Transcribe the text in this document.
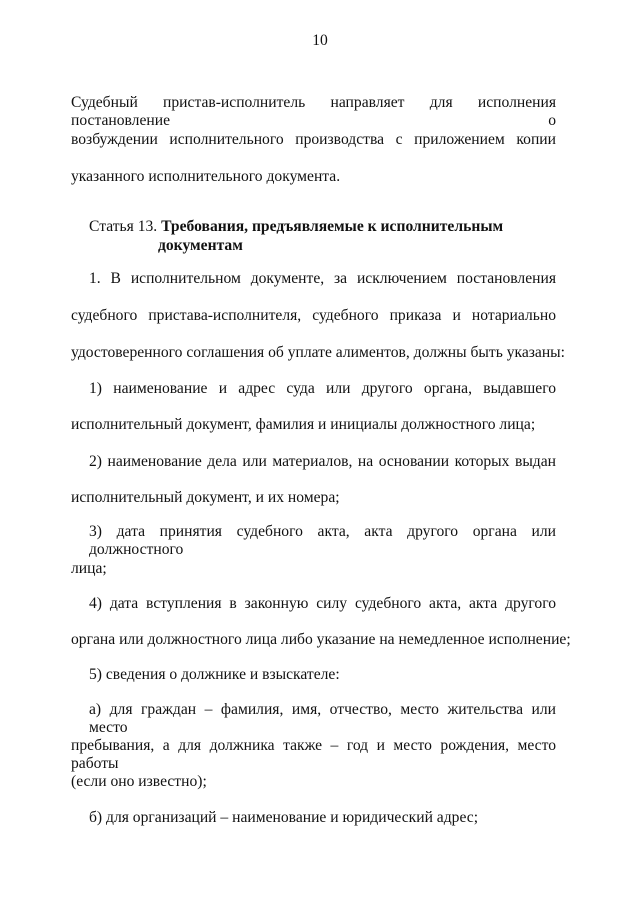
10
Судебный пристав-исполнитель направляет для исполнения постановление о
возбуждении исполнительного производства с приложением копии
указанного исполнительного документа.
Статья 13. Требования, предъявляемые к исполнительным
документам
1. В исполнительном документе, за исключением постановления
судебного пристава-исполнителя, судебного приказа и нотариально
удостоверенного соглашения об уплате алиментов, должны быть указаны:
1) наименование и адрес суда или другого органа, выдавшего
исполнительный документ, фамилия и инициалы должностного лица;
2) наименование дела или материалов, на основании которых выдан
исполнительный документ, и их номера;
3) дата принятия судебного акта, акта другого органа или должностного
лица;
4) дата вступления в законную силу судебного акта, акта другого
органа или должностного лица либо указание на немедленное исполнение;
5) сведения о должнике и взыскателе:
а) для граждан – фамилия, имя, отчество, место жительства или место
пребывания, а для должника также – год и место рождения, место работы
(если оно известно);
б) для организаций – наименование и юридический адрес;
